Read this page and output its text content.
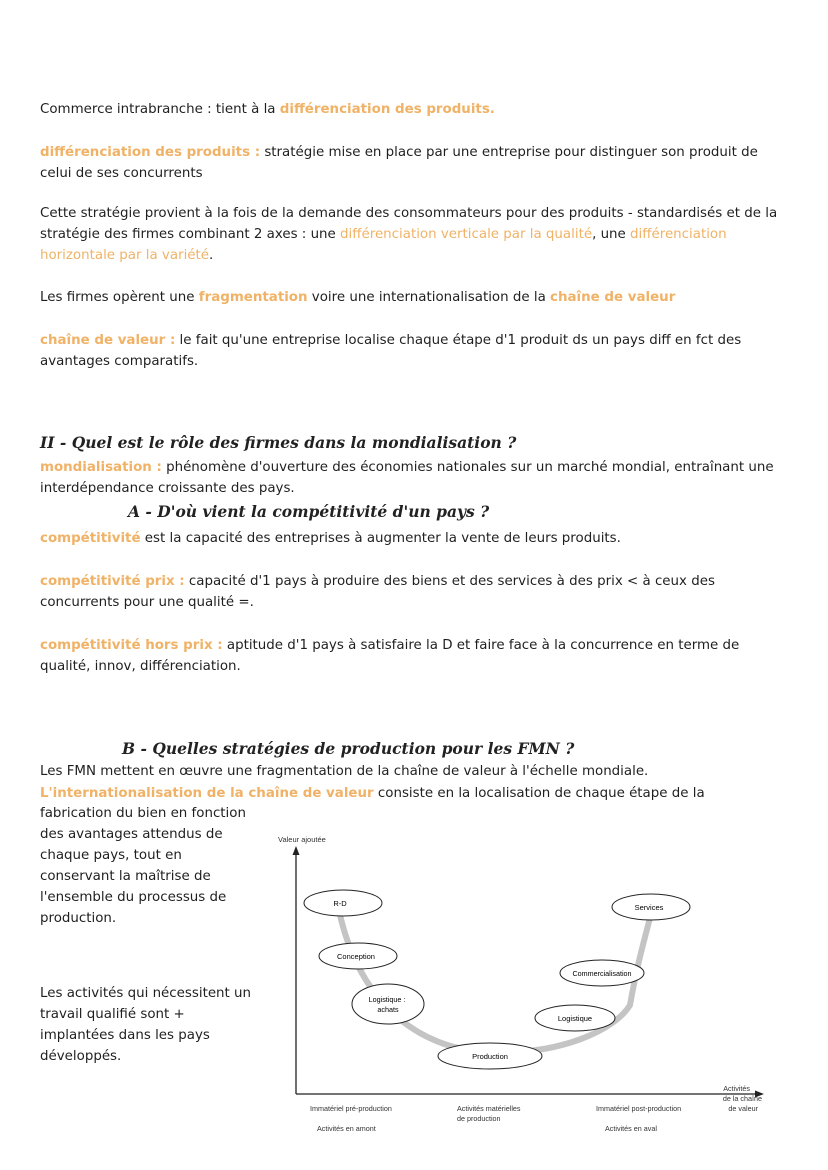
Commerce intrabranche : tient à la différenciation des produits.

différenciation des produits : stratégie mise en place par une entreprise pour distinguer son produit de celui de ses concurrents

Cette stratégie provient à la fois de la demande des consommateurs pour des produits - standardisés et de la stratégie des firmes combinant 2 axes : une différenciation verticale par la qualité, une différenciation horizontale par la variété.

Les firmes opèrent une fragmentation voire une internationalisation de la chaîne de valeur

chaîne de valeur : le fait qu'une entreprise localise chaque étape d'1 produit ds un pays diff en fct des avantages comparatifs.

II - Quel est le rôle des firmes dans la mondialisation ?

mondialisation : phénomène d'ouverture des économies nationales sur un marché mondial, entraînant une interdépendance croissante des pays.

A - D'où vient la compétitivité d'un pays ?

compétitivité est la capacité des entreprises à augmenter la vente de leurs produits.

compétitivité prix : capacité d'1 pays à produire des biens et des services à des prix < à ceux des concurrents pour une qualité =.

compétitivité hors prix : aptitude d'1 pays à satisfaire la D et faire face à la concurrence en terme de qualité, innov, différenciation.

B - Quelles stratégies de production pour les FMN ?

Les FMN mettent en œuvre une fragmentation de la chaîne de valeur à l'échelle mondiale.

L'internationalisation de la chaîne de valeur consiste en la localisation de chaque étape de la

fabrication du bien en fonction des avantages attendus de chaque pays, tout en conservant la maîtrise de l'ensemble du processus de production.

Les activités qui nécessitent un travail qualifié sont + implantées dans les pays développés.

Valeur ajoutée
Activités de la chaîne de valeur
R-D
Conception
Logistique : achats
Production
Logistique
Commercialisation
Services
Immatériel pré-production	Activités matérielles de production
Immatériel post-production
Activités en amont	Activités en aval
